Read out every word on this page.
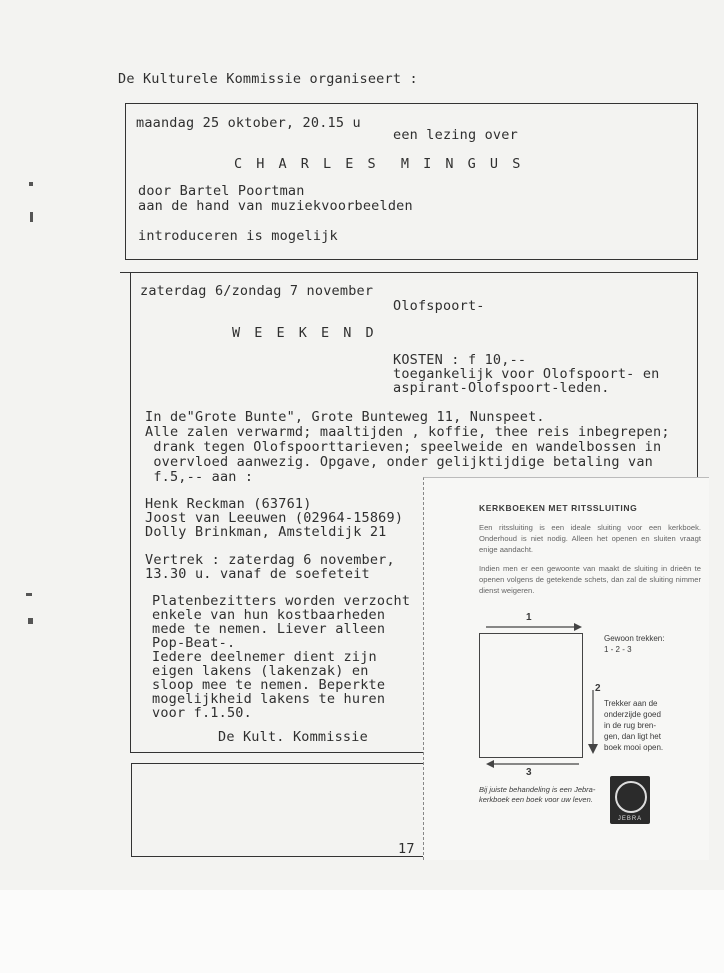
De Kulturele Kommissie organiseert :
maandag 25 oktober, 20.15 u
een lezing over
C H A R L E S  M I N G U S
door Bartel Poortman
aan de hand van muziekvoorbeelden
introduceren is mogelijk
zaterdag 6/zondag 7 november
Olofspoort-
W E E K E N D
KOSTEN : f 10,--
toegankelijk voor Olofspoort- en
aspirant-Olofspoort-leden.
In de"Grote Bunte", Grote Bunteweg 11, Nunspeet.
Alle zalen verwarmd; maaltijden , koffie, thee reis inbegrepen;
drank tegen Olofspoorttarieven; speelweide en wandelbossen in
overvloed aanwezig. Opgave, onder gelijktijdige betaling van
f.5,-- aan :
Henk Reckman (63761)
Joost van Leeuwen (02964-15869)
Dolly Brinkman, Amsteldijk 21
Vertrek : zaterdag 6 november,
13.30 u. vanaf de soefeteit
Platenbezitters worden verzocht
enkele van hun kostbaarheden
mede te nemen. Liever alleen
Pop-Beat-.
Iedere deelnemer dient zijn
eigen lakens (lakenzak) en
sloop mee te nemen. Beperkte
mogelijkheid lakens te huren
voor f.1.50.
De Kult. Kommissie
17
KERKBOEKEN MET RITSSLUITING
Een ritssluiting is een ideale sluiting voor een kerkboek. Onderhoud is niet nodig. Alleen het openen en sluiten vraagt enige aandacht.
Indien men er een gewoonte van maakt de sluiting in drieën te openen volgens de getekende schets, dan zal de sluiting nimmer dienst weigeren.
1
2
3
Gewoon trekken:
1 - 2 - 3
Trekker aan de
onderzijde goed
in de rug bren-
gen, dan ligt het
boek mooi open.
Bij juiste behandeling is een Jebra-kerkboek een boek voor uw leven.
JEBRA
